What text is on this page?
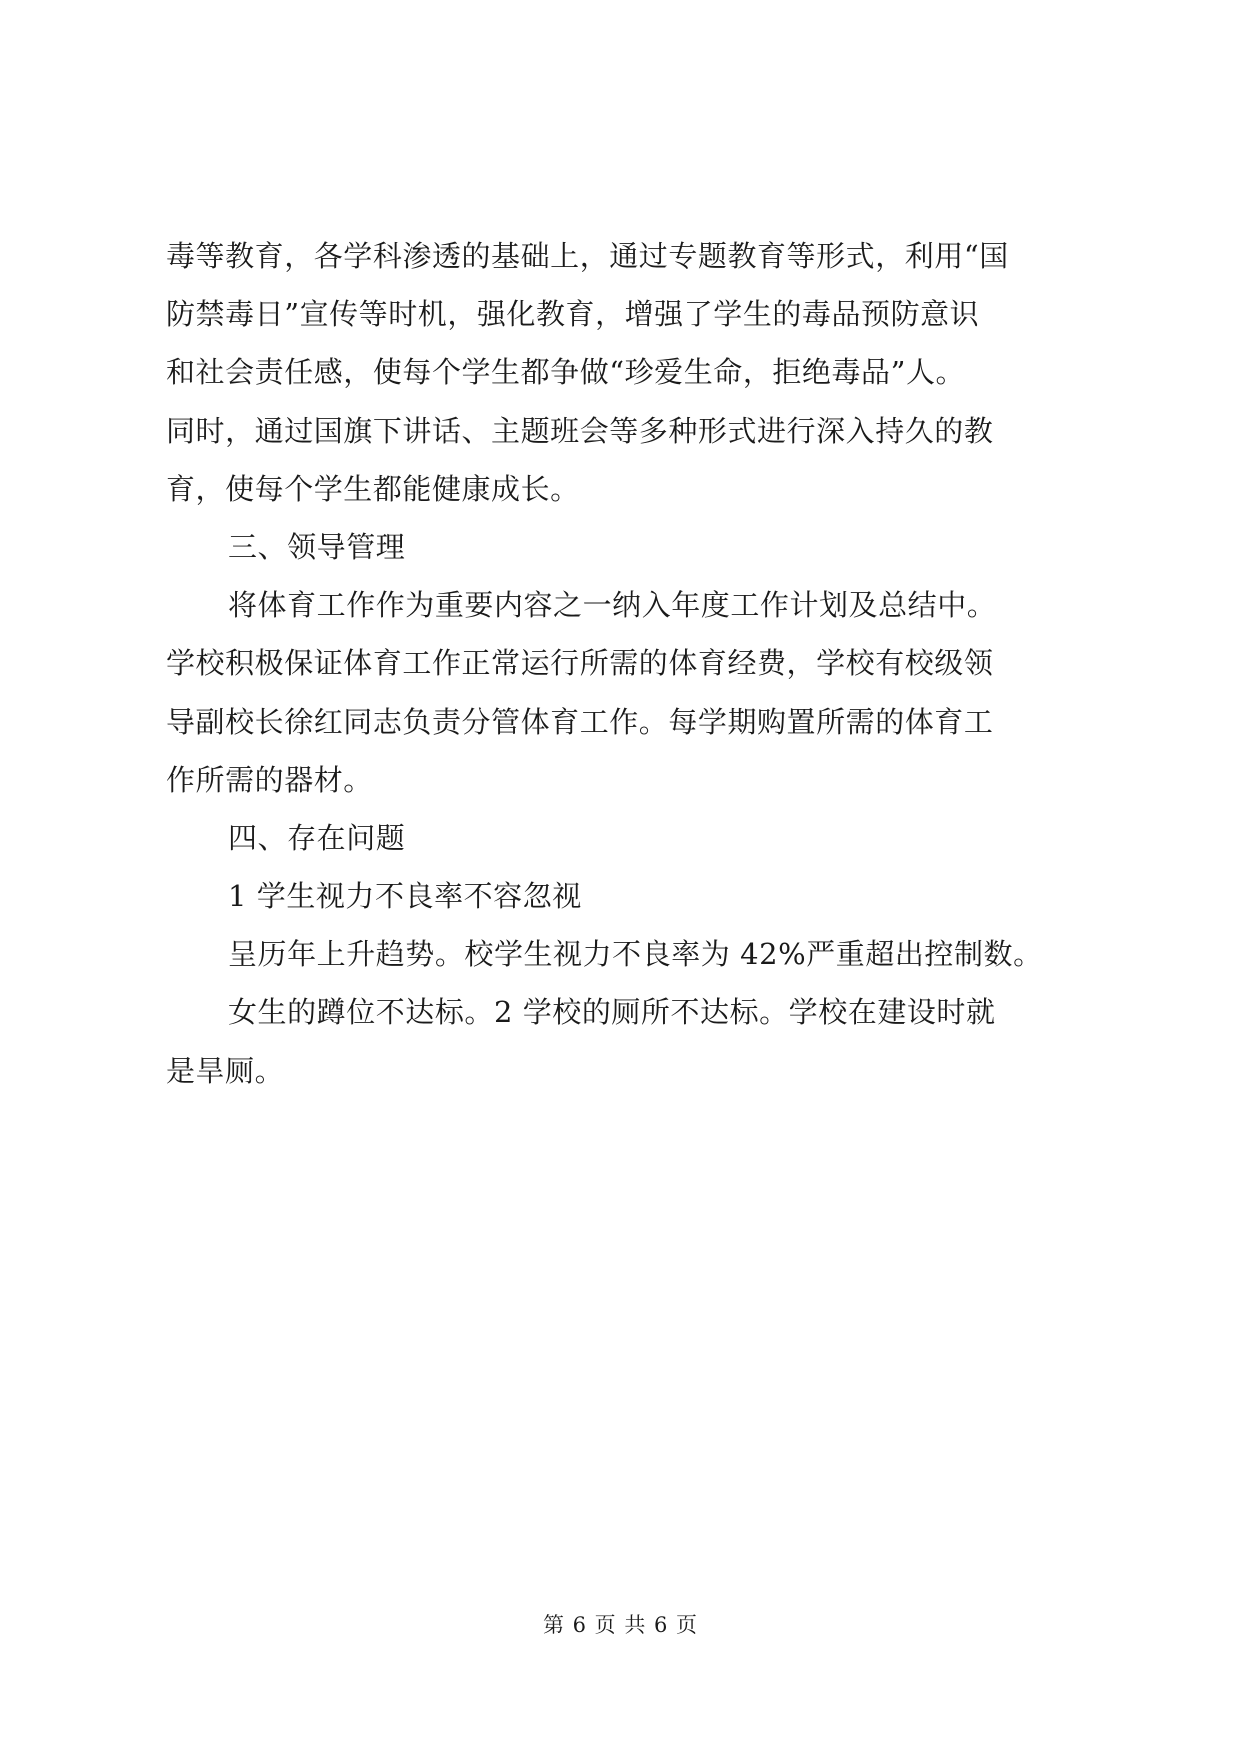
毒等教育，各学科渗透的基础上，通过专题教育等形式，利用“国
防禁毒日”宣传等时机，强化教育，增强了学生的毒品预防意识
和社会责任感，使每个学生都争做“珍爱生命，拒绝毒品”人。
同时，通过国旗下讲话、主题班会等多种形式进行深入持久的教
育，使每个学生都能健康成长。
三、领导管理
将体育工作作为重要内容之一纳入年度工作计划及总结中。
学校积极保证体育工作正常运行所需的体育经费，学校有校级领
导副校长徐红同志负责分管体育工作。每学期购置所需的体育工
作所需的器材。
四、存在问题
1 学生视力不良率不容忽视
呈历年上升趋势。校学生视力不良率为 42%严重超出控制数。
女生的蹲位不达标。2 学校的厕所不达标。学校在建设时就
是旱厕。
第 6 页 共 6 页
